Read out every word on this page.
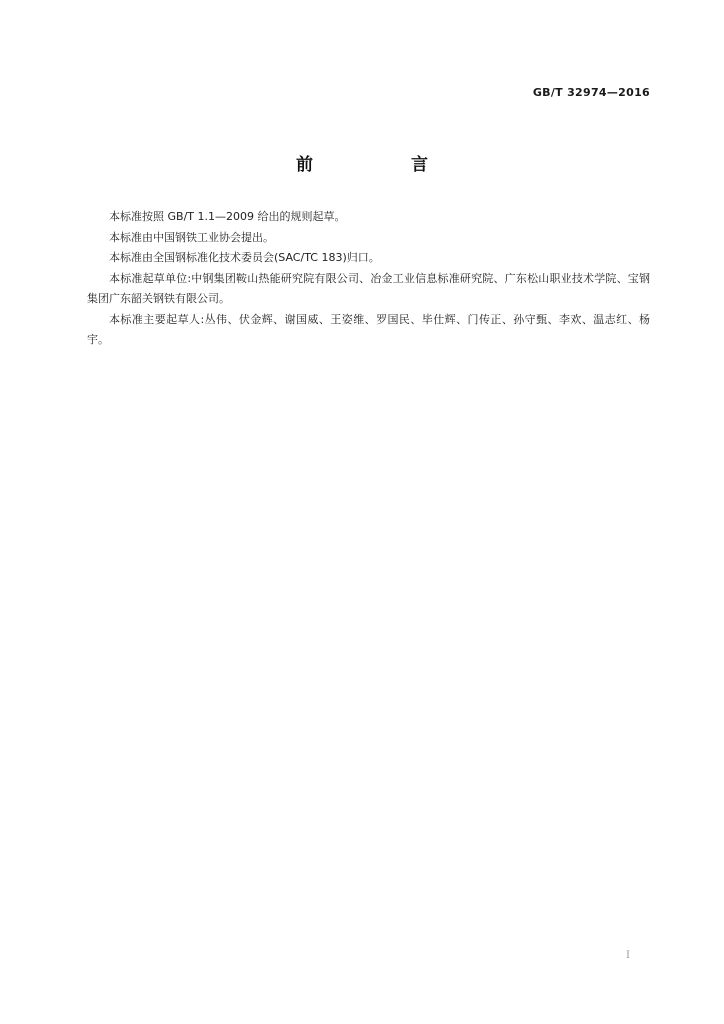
GB/T 32974—2016
前 言

本标准按照 GB/T 1.1—2009 给出的规则起草。

本标准由中国钢铁工业协会提出。

本标准由全国钢标准化技术委员会(SAC/TC 183)归口。

本标准起草单位:中钢集团鞍山热能研究院有限公司、冶金工业信息标准研究院、广东松山职业技术学院、宝钢集团广东韶关钢铁有限公司。

本标准主要起草人:丛伟、伏金辉、谢国威、王姿维、罗国民、毕仕辉、门传正、孙守甄、李欢、温志红、杨宇。

I
